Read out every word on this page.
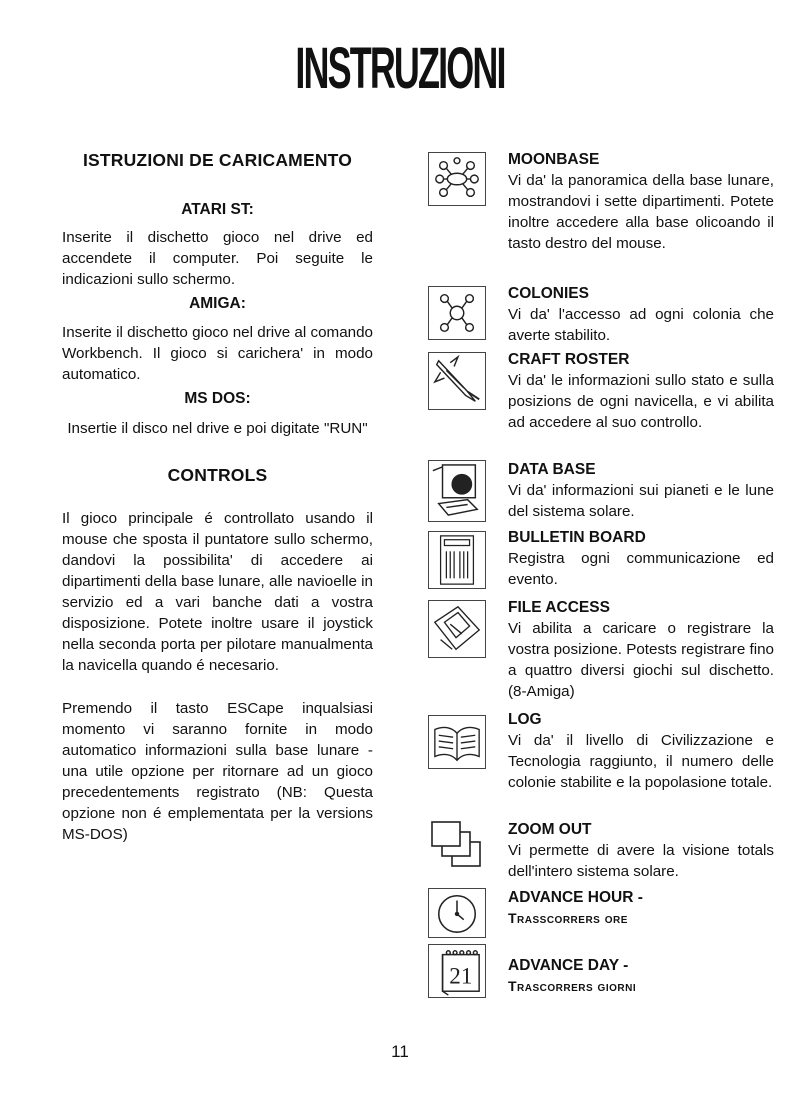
INSTRUZIONI

ISTRUZIONI DE CARICAMENTO

ATARI ST:

Inserite il dischetto gioco nel drive ed accendete il computer. Poi seguite le indicazioni sullo schermo.

AMIGA:

Inserite il dischetto gioco nel drive al comando Workbench. Il gioco si carichera' in modo automatico.

MS DOS:

Insertie il disco nel drive e poi digitate "RUN"

CONTROLS

Il gioco principale é controllato usando il mouse che sposta il puntatore sullo schermo, dandovi la possibilita' di accedere ai dipartimenti della base lunare, alle navioelle in servizio ed a vari banche dati a vostra disposizione. Potete inoltre usare il joystick nella seconda porta per pilotare manualmenta la navicella quando é necesario.

Premendo il tasto ESCape inqualsiasi momento vi saranno fornite in modo automatico informazioni sulla base lunare - una utile opzione per ritornare ad un gioco precedentements registrato (NB: Questa opzione non é emplementata per la versions MS-DOS)

MOONBASE

Vi da' la panoramica della base lunare, mostrandovi i sette dipartimenti. Potete inoltre accedere alla base olicoando il tasto destro del mouse.

COLONIES

Vi da' l'accesso ad ogni colonia che averte stabilito.

CRAFT ROSTER

Vi da' le informazioni sullo stato e sulla posizions de ogni navicella, e vi abilita ad accedere al suo controllo.

DATA BASE

Vi da' informazioni sui pianeti e le lune del sistema solare.

BULLETIN BOARD

Registra ogni communicazione ed evento.

FILE ACCESS

Vi abilita a caricare o registrare la vostra posizione. Potests registrare fino a quattro diversi giochi sul dischetto. (8-Amiga)

LOG

Vi da' il livello di Civilizzazione e Tecnologia raggiunto, il numero delle colonie stabilite e la popolasione totale.

ZOOM OUT

Vi permette di avere la visione totals dell'intero sistema solare.

ADVANCE HOUR -

Trasscorrers ore

21 ADVANCE DAY -

Trascorrers giorni

11
